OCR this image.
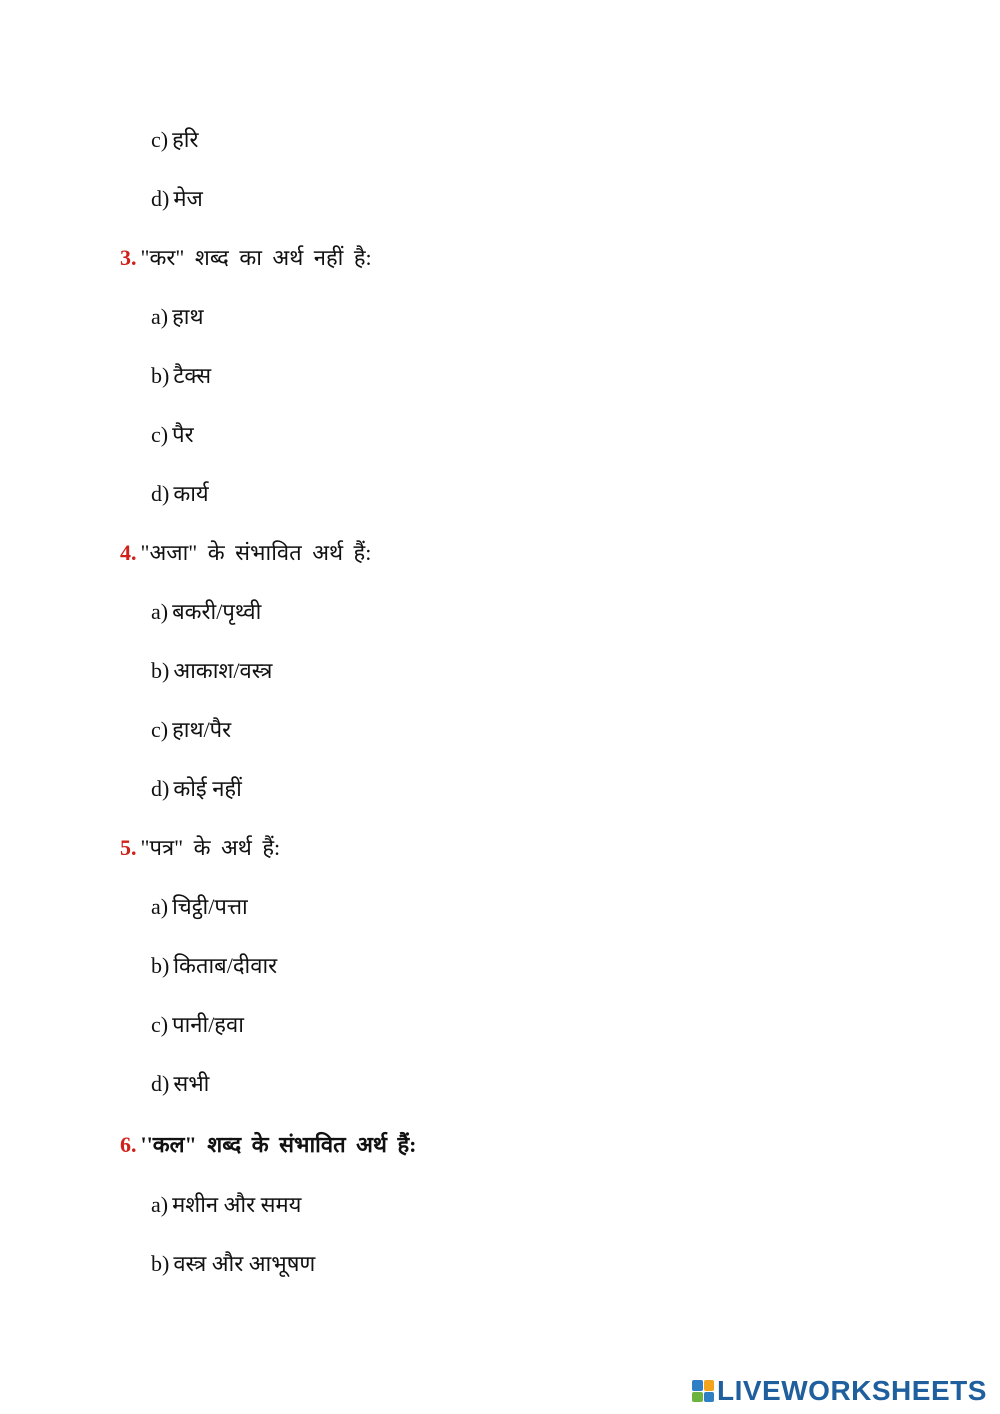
c) हरि
d) मेज
3. "कर" शब्द का अर्थ नहीं है:
a) हाथ
b) टैक्स
c) पैर
d) कार्य
4. "अजा" के संभावित अर्थ हैं:
a) बकरी/पृथ्वी
b) आकाश/वस्त्र
c) हाथ/पैर
d) कोई नहीं
5. "पत्र" के अर्थ हैं:
a) चिट्ठी/पत्ता
b) किताब/दीवार
c) पानी/हवा
d) सभी
6. ''कल" शब्द के संभावित अर्थ हैं:
a) मशीन और समय
b) वस्त्र और आभूषण
LIVEWORKSHEETS
